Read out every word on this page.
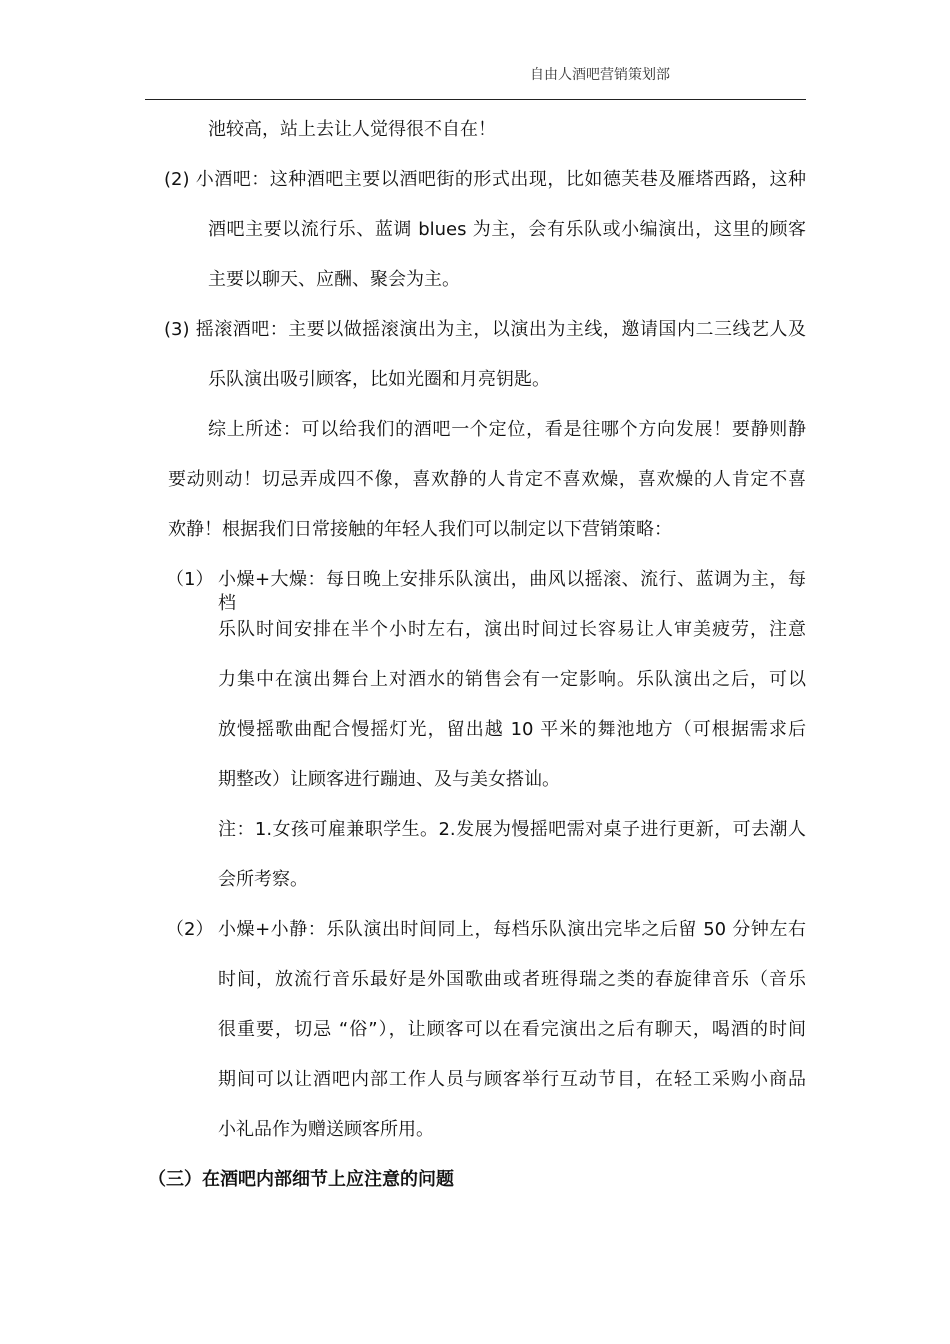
自由人酒吧营销策划部
池较高，站上去让人觉得很不自在！
(2) 小酒吧：这种酒吧主要以酒吧街的形式出现，比如德芙巷及雁塔西路，这种
酒吧主要以流行乐、蓝调 blues 为主，会有乐队或小编演出，这里的顾客
主要以聊天、应酬、聚会为主。
(3) 摇滚酒吧：主要以做摇滚演出为主，以演出为主线，邀请国内二三线艺人及
乐队演出吸引顾客，比如光圈和月亮钥匙。
综上所述：可以给我们的酒吧一个定位，看是往哪个方向发展！要静则静
要动则动！切忌弄成四不像，喜欢静的人肯定不喜欢燥，喜欢燥的人肯定不喜
欢静！根据我们日常接触的年轻人我们可以制定以下营销策略：
（1） 小燥+大燥：每日晚上安排乐队演出，曲风以摇滚、流行、蓝调为主，每档
乐队时间安排在半个小时左右，演出时间过长容易让人审美疲劳，注意
力集中在演出舞台上对酒水的销售会有一定影响。乐队演出之后，可以
放慢摇歌曲配合慢摇灯光，留出越 10 平米的舞池地方（可根据需求后
期整改）让顾客进行蹦迪、及与美女搭讪。
注：1.女孩可雇兼职学生。2.发展为慢摇吧需对桌子进行更新，可去潮人
会所考察。
（2） 小燥+小静：乐队演出时间同上，每档乐队演出完毕之后留 50 分钟左右
时间，放流行音乐最好是外国歌曲或者班得瑞之类的春旋律音乐（音乐
很重要，切忌 “俗”），让顾客可以在看完演出之后有聊天，喝酒的时间
期间可以让酒吧内部工作人员与顾客举行互动节目，在轻工采购小商品
小礼品作为赠送顾客所用。
（三）在酒吧内部细节上应注意的问题
